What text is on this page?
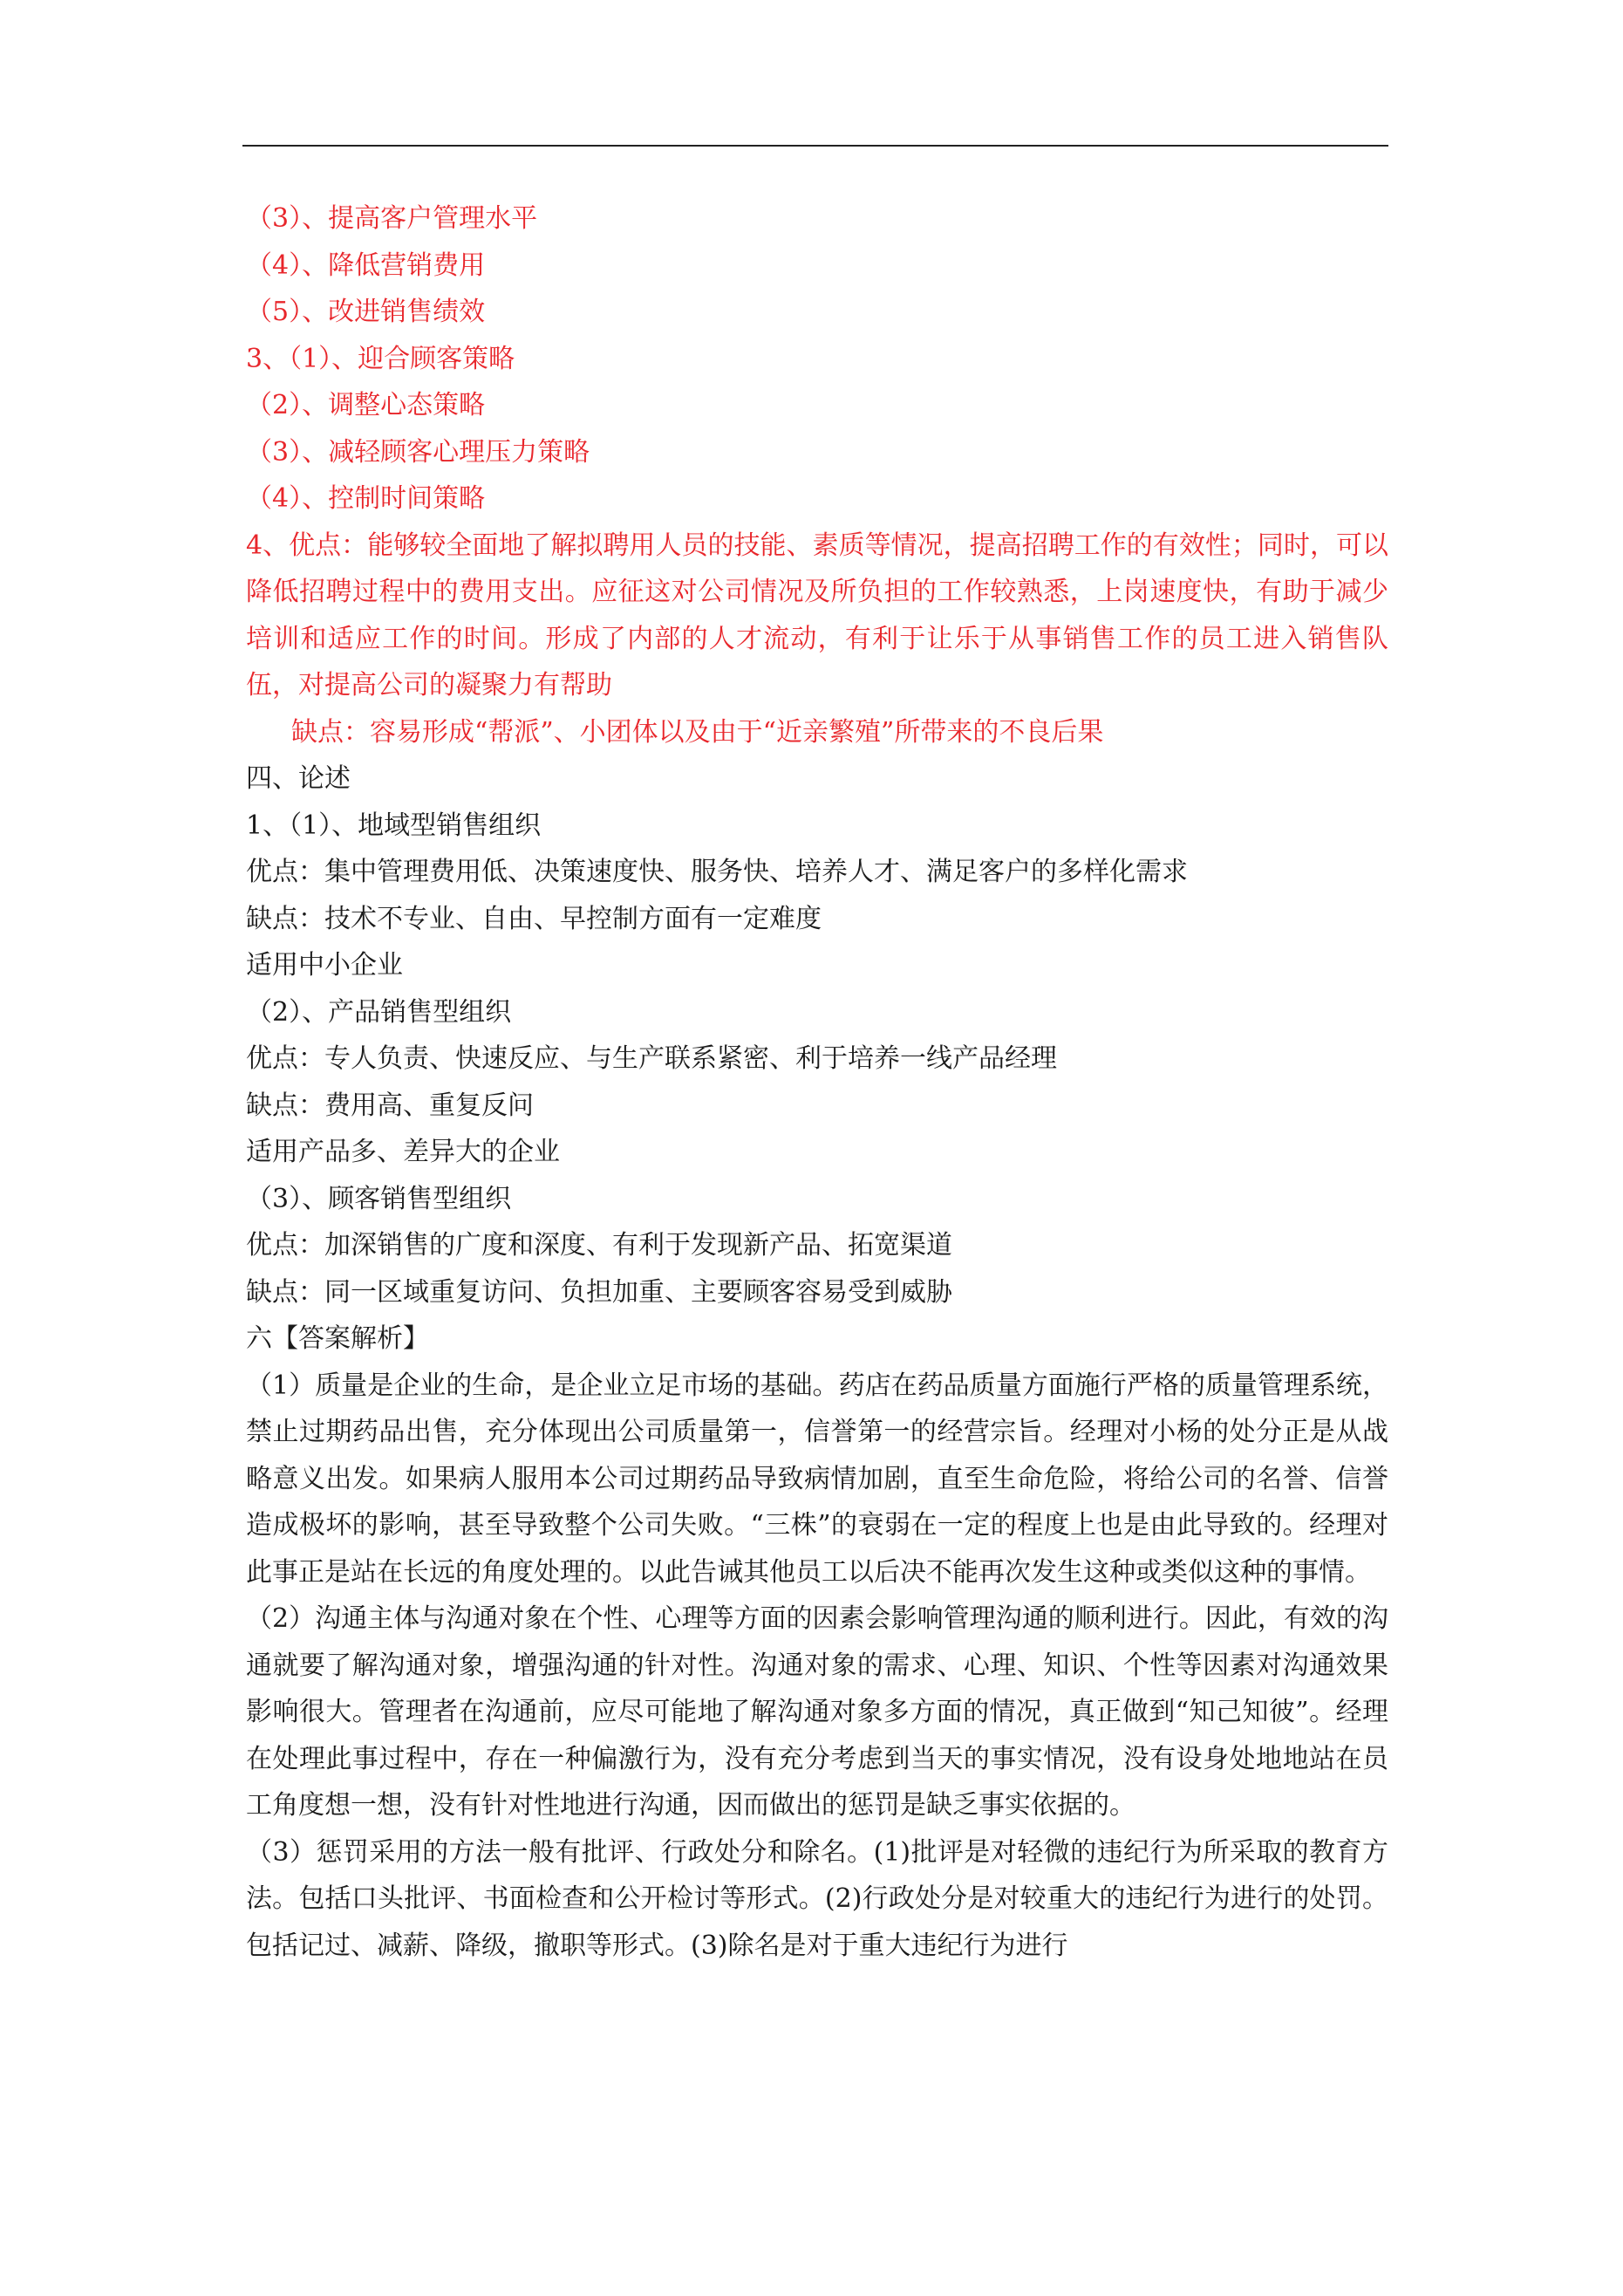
（3）、提高客户管理水平

（4）、降低营销费用

（5）、改进销售绩效

3、（1）、迎合顾客策略

（2）、调整心态策略

（3）、减轻顾客心理压力策略

（4）、控制时间策略

4、优点：能够较全面地了解拟聘用人员的技能、素质等情况，提高招聘工作的有效性；同时，可以降低招聘过程中的费用支出。应征这对公司情况及所负担的工作较熟悉，上岗速度快，有助于减少培训和适应工作的时间。形成了内部的人才流动，有利于让乐于从事销售工作的员工进入销售队伍，对提高公司的凝聚力有帮助

缺点：容易形成“帮派”、小团体以及由于“近亲繁殖”所带来的不良后果

四、论述

1、（1）、地域型销售组织

优点：集中管理费用低、决策速度快、服务快、培养人才、满足客户的多样化需求

缺点：技术不专业、自由、早控制方面有一定难度

适用中小企业

（2）、产品销售型组织

优点：专人负责、快速反应、与生产联系紧密、利于培养一线产品经理

缺点：费用高、重复反问

适用产品多、差异大的企业

（3）、顾客销售型组织

优点：加深销售的广度和深度、有利于发现新产品、拓宽渠道

缺点：同一区域重复访问、负担加重、主要顾客容易受到威胁

六【答案解析】

（1）质量是企业的生命，是企业立足市场的基础。药店在药品质量方面施行严格的质量管理系统，禁止过期药品出售，充分体现出公司质量第一，信誉第一的经营宗旨。经理对小杨的处分正是从战略意义出发。如果病人服用本公司过期药品导致病情加剧，直至生命危险，将给公司的名誉、信誉造成极坏的影响，甚至导致整个公司失败。“三株”的衰弱在一定的程度上也是由此导致的。经理对此事正是站在长远的角度处理的。以此告诫其他员工以后决不能再次发生这种或类似这种的事情。

（2）沟通主体与沟通对象在个性、心理等方面的因素会影响管理沟通的顺利进行。因此，有效的沟通就要了解沟通对象，增强沟通的针对性。沟通对象的需求、心理、知识、个性等因素对沟通效果影响很大。管理者在沟通前，应尽可能地了解沟通对象多方面的情况，真正做到“知己知彼”。经理在处理此事过程中，存在一种偏激行为，没有充分考虑到当天的事实情况，没有设身处地地站在员工角度想一想，没有针对性地进行沟通，因而做出的惩罚是缺乏事实依据的。

（3）惩罚采用的方法一般有批评、行政处分和除名。(1)批评是对轻微的违纪行为所采取的教育方法。包括口头批评、书面检查和公开检讨等形式。(2)行政处分是对较重大的违纪行为进行的处罚。包括记过、减薪、降级，撤职等形式。(3)除名是对于重大违纪行为进行
